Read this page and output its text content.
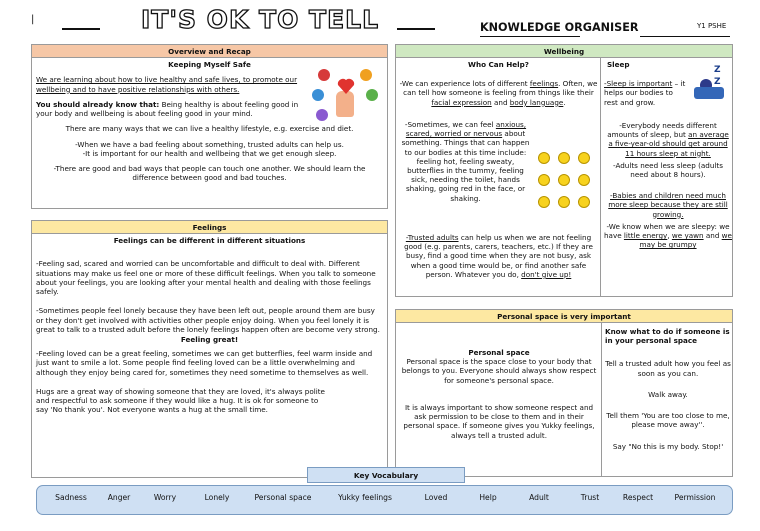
|	IT'S OK TO TELL	KNOWLEDGE ORGANISER	Y1 PSHE
Overview and Recap
Keeping Myself Safe

We are learning about how to live healthy and safe lives, to promote our wellbeing and to have positive relationships with others.

You should already know that: Being healthy is about feeling good in your body and wellbeing is about feeling good in your mind.

There are many ways that we can live a healthy lifestyle, e.g. exercise and diet.

-When we have a bad feeling about something, trusted adults can help us.
-It is important for our health and wellbeing that we get enough sleep.

-There are good and bad ways that people can touch one another. We should learn the difference between good and bad touches.

Feelings
Feelings can be different in different situations

-Feeling sad, scared and worried can be uncomfortable and difficult to deal with. Different situations may make us feel one or more of these difficult feelings. When you talk to someone about your feelings, you are looking after your mental health and dealing with those feelings safely.

-Sometimes people feel lonely because they have been left out, people around them are busy or they don't get involved with activities other people enjoy doing. When you feel lonely it is great to talk to a trusted adult before the lonely feelings happen often are become very strong.

Feeling great!

-Feeling loved can be a great feeling, sometimes we can get butterflies, feel warm inside and just want to smile a lot. Some people find feeling loved can be a little overwhelming and although they enjoy being cared for, sometimes they need sometime to themselves as well.

Hugs are a great way of showing someone that they are loved, it's always polite and respectful to ask someone if they would like a hug. It is ok for someone to say 'No thank you'. Not everyone wants a hug at the small time.

Wellbeing
Who Can Help?

-We can experience lots of different feelings. Often, we can tell how someone is feeling from things like their facial expression and body language.

-Sometimes, we can feel anxious, scared, worried or nervous about something. Things that can happen to our bodies at this time include: feeling hot, feeling sweaty, butterflies in the tummy, feeling sick, needing the toilet, hands shaking, going red in the face, or shaking.

-Trusted adults can help us when we are not feeling good (e.g. parents, carers, teachers, etc.) If they are busy, find a good time when they are not busy, ask when a good time would be, or find another safe person. Whatever you do, don't give up!

Sleep

-Sleep is important – it helps our bodies to rest and grow.

-Everybody needs different amounts of sleep, but an average a five-year-old should get around 11 hours sleep at night.

-Adults need less sleep (adults need about 8 hours).

-Babies and children need much more sleep because they are still growing.

-We know when we are sleepy: we have little energy, we yawn and we may be grumpy

Z Z
Personal space is very important
Personal space

Personal space is the space close to your body that belongs to you. Everyone should always show respect for someone's personal space.

It is always important to show someone respect and ask permission to be close to them and in their personal space. If someone gives you Yukky feelings, always tell a trusted adult.

Know what to do if someone is in your personal space

Tell a trusted adult how you feel as soon as you can.

Walk away.

Tell them 'You are too close to me, please move away''.

Say "No this is my body. Stop!'

Key Vocabulary
Sadness	Anger	Worry	Lonely	Personal space	Yukky feelings	Loved	Help	Adult	Trust	Respect	Permission
